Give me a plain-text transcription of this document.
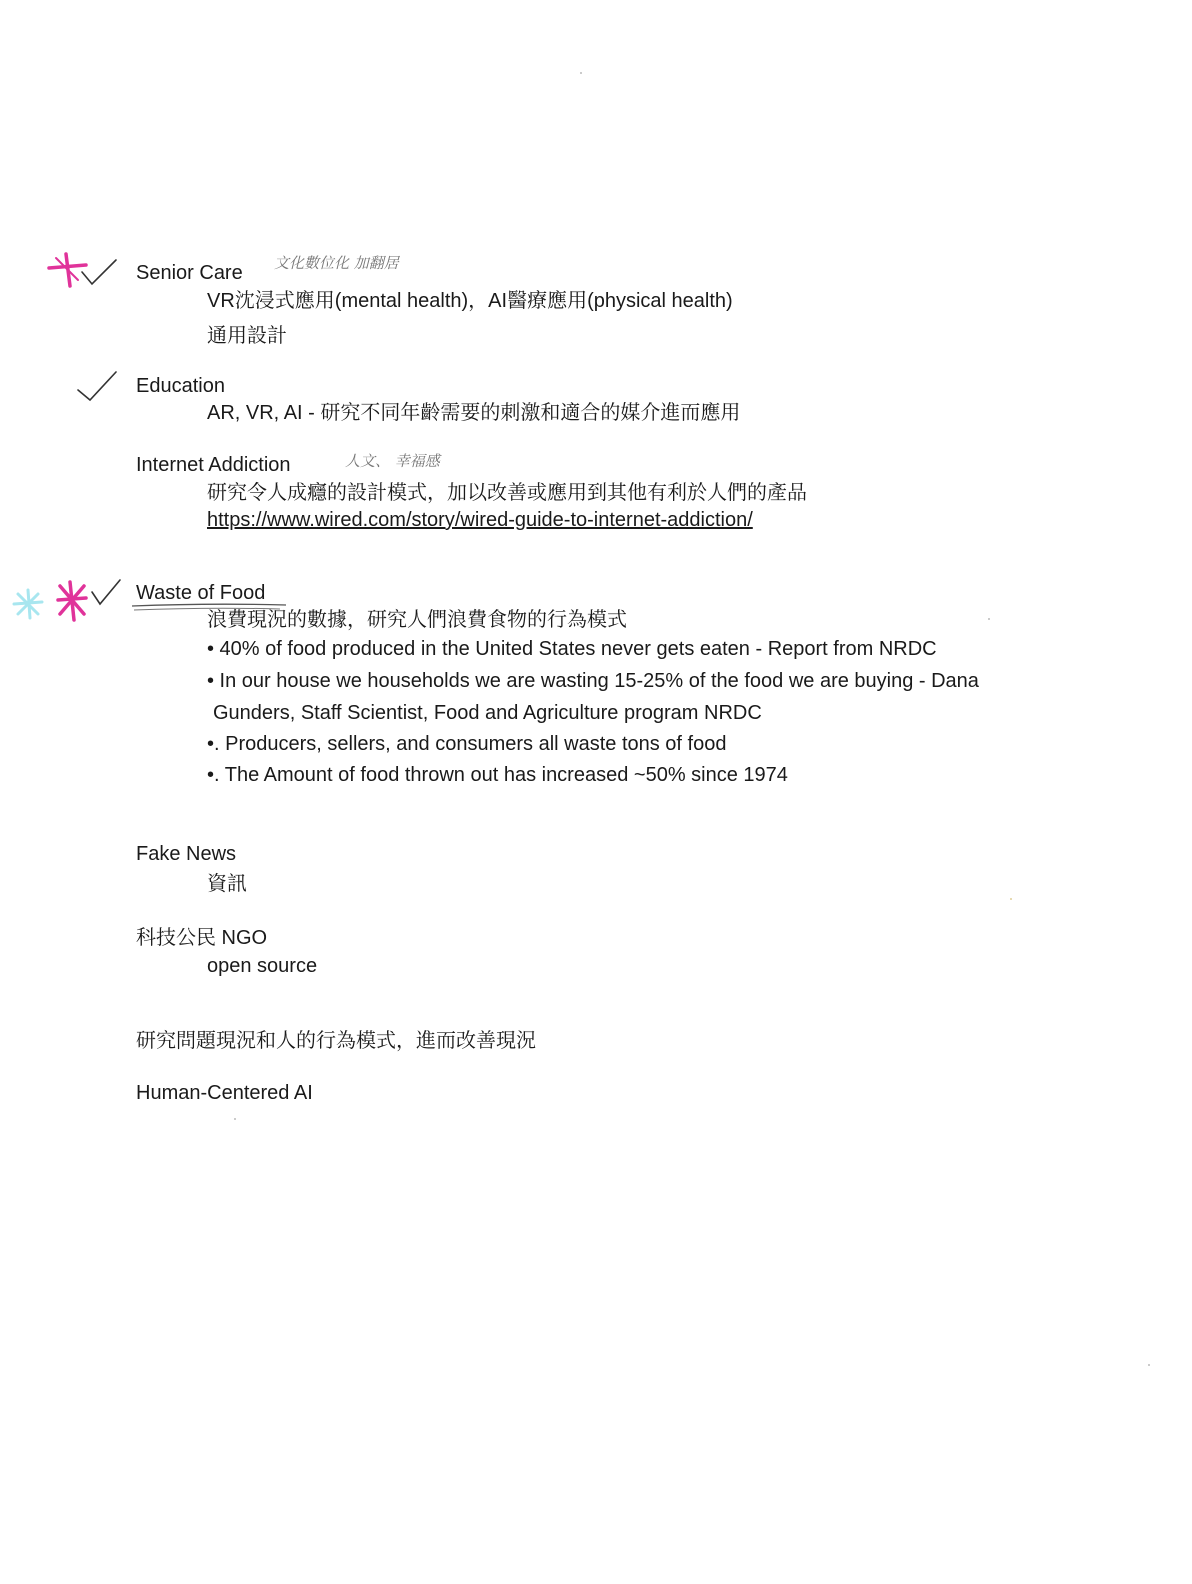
Senior Care 文化數位化 加翻居
VR沈浸式應用(mental health)，AI醫療應用(physical health)
通用設計
Education
AR, VR, AI - 研究不同年齡需要的刺激和適合的媒介進而應用
Internet Addiction	人文、 幸福感
研究令人成癮的設計模式，加以改善或應用到其他有利於人們的產品
https://www.wired.com/story/wired-guide-to-internet-addiction/
Waste of Food
浪費現況的數據，研究人們浪費食物的行為模式
• 40% of food produced in the United States never gets eaten - Report from NRDC
• In our house we households we are wasting 15-25% of the food we are buying - Dana
Gunders, Staff Scientist, Food and Agriculture program NRDC
•. Producers, sellers, and consumers all waste tons of food
•. The Amount of food thrown out has increased ~50% since 1974
Fake News
資訊
科技公民 NGO
open source
研究問題現況和人的行為模式，進而改善現況
Human-Centered AI
